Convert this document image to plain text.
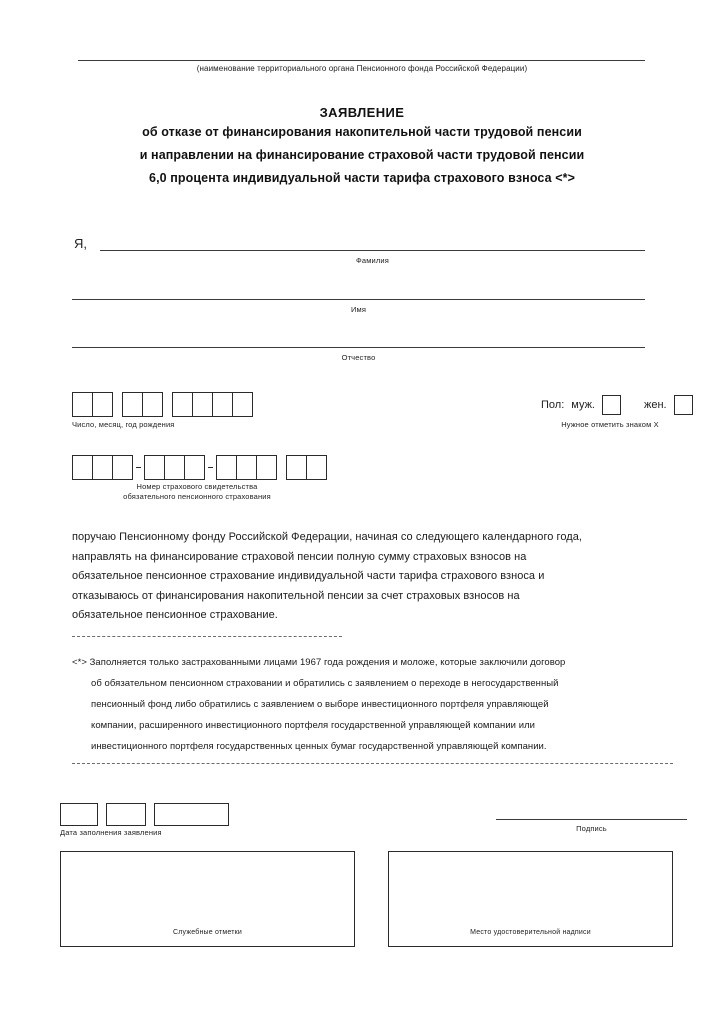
(наименование территориального органа Пенсионного фонда Российской Федерации)
ЗАЯВЛЕНИЕ
об отказе от финансирования накопительной части трудовой пенсии
и направлении на финансирование страховой части трудовой пенсии
6,0 процента индивидуальной части тарифа страхового взноса <*>
Я,
Фамилия
Имя
Отчество
Число, месяц, год рождения
Пол: муж.	жен.
Нужное отметить знаком Х
Номер страхового свидетельства
обязательного пенсионного страхования
поручаю Пенсионному фонду Российской Федерации, начиная со следующего календарного года,
направлять на финансирование страховой пенсии полную сумму страховых взносов на
обязательное пенсионное страхование индивидуальной части тарифа страхового взноса и
отказываюсь от финансирования накопительной пенсии за счет страховых взносов на
обязательное пенсионное страхование.
<*> Заполняется только застрахованными лицами 1967 года рождения и моложе, которые заключили договор
об обязательном пенсионном страховании и обратились с заявлением о переходе в негосударственный
пенсионный фонд либо обратились с заявлением о выборе инвестиционного портфеля управляющей
компании, расширенного инвестиционного портфеля государственной управляющей компании или
инвестиционного портфеля государственных ценных бумаг государственной управляющей компании.
Дата заполнения заявления	Подпись
Служебные отметки	Место удостоверительной надписи
